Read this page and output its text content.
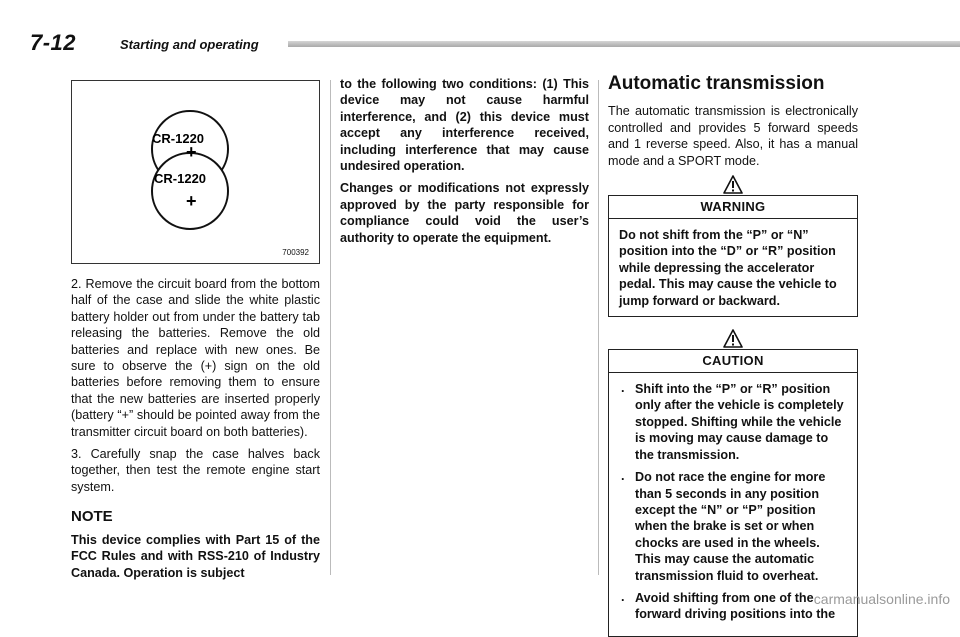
7-12	Starting and operating
CR-1220
+
CR-1220
+
700392

2. Remove the circuit board from the bottom half of the case and slide the white plastic battery holder out from under the battery tab releasing the batteries. Remove the old batteries and replace with new ones. Be sure to observe the (+) sign on the old batteries before removing them to ensure that the new batteries are inserted properly (battery “+” should be pointed away from the transmitter circuit board on both batteries).

3. Carefully snap the case halves back together, then test the remote engine start system.

NOTE

This device complies with Part 15 of the FCC Rules and with RSS-210 of Industry Canada. Operation is subject

to the following two conditions: (1) This device may not cause harmful interference, and (2) this device must accept any interference received, including interference that may cause undesired operation.

Changes or modifications not expressly approved by the party responsible for compliance could void the user’s authority to operate the equipment.

Automatic transmission

The automatic transmission is electronically controlled and provides 5 forward speeds and 1 reverse speed. Also, it has a manual mode and a SPORT mode.

WARNING
Do not shift from the “P” or “N” position into the “D” or “R” position while depressing the accelerator pedal. This may cause the vehicle to jump forward or backward.
CAUTION
. Shift into the “P” or “R” position only after the vehicle is completely stopped. Shifting while the vehicle is moving may cause damage to the transmission.
. Do not race the engine for more than 5 seconds in any position except the “N” or “P” position when the brake is set or when chocks are used in the wheels. This may cause the automatic transmission fluid to overheat.
. Avoid shifting from one of the forward driving positions into the
carmanualsonline.info
